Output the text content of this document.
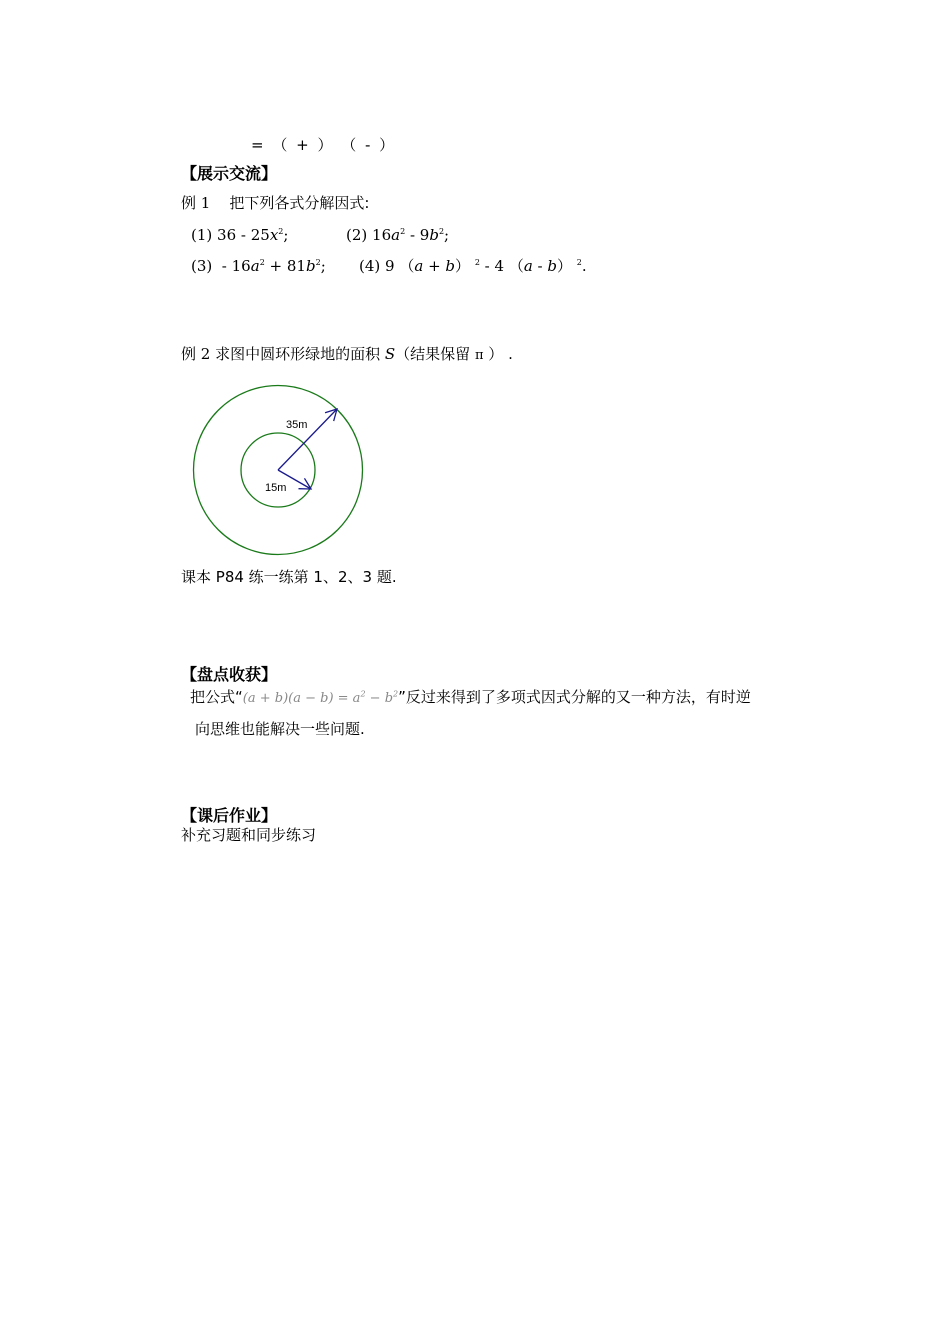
= （ + ） （ - ）
【展示交流】
例 1 把下列各式分解因式:
(1) $36 - 25x^2$;	(2) $16a^2 - 9b^2$;
$(3) - 16a^2 + 81b^2$; (4) 9 （a + b） $^2$ - 4 （a - b） $^2$.
例 2 求图中圆环形绿地的面积 S（结果保留 π ） .
35m
15m
课本 P84 练一练第 1、2、3 题.
【盘点收获】
把公式“$(a + b)(a - b) = a^2 - b^2$”反过来得到了多项式因式分解的又一种方法，有时逆
向思维也能解决一些问题.
【课后作业】
补充习题和同步练习
